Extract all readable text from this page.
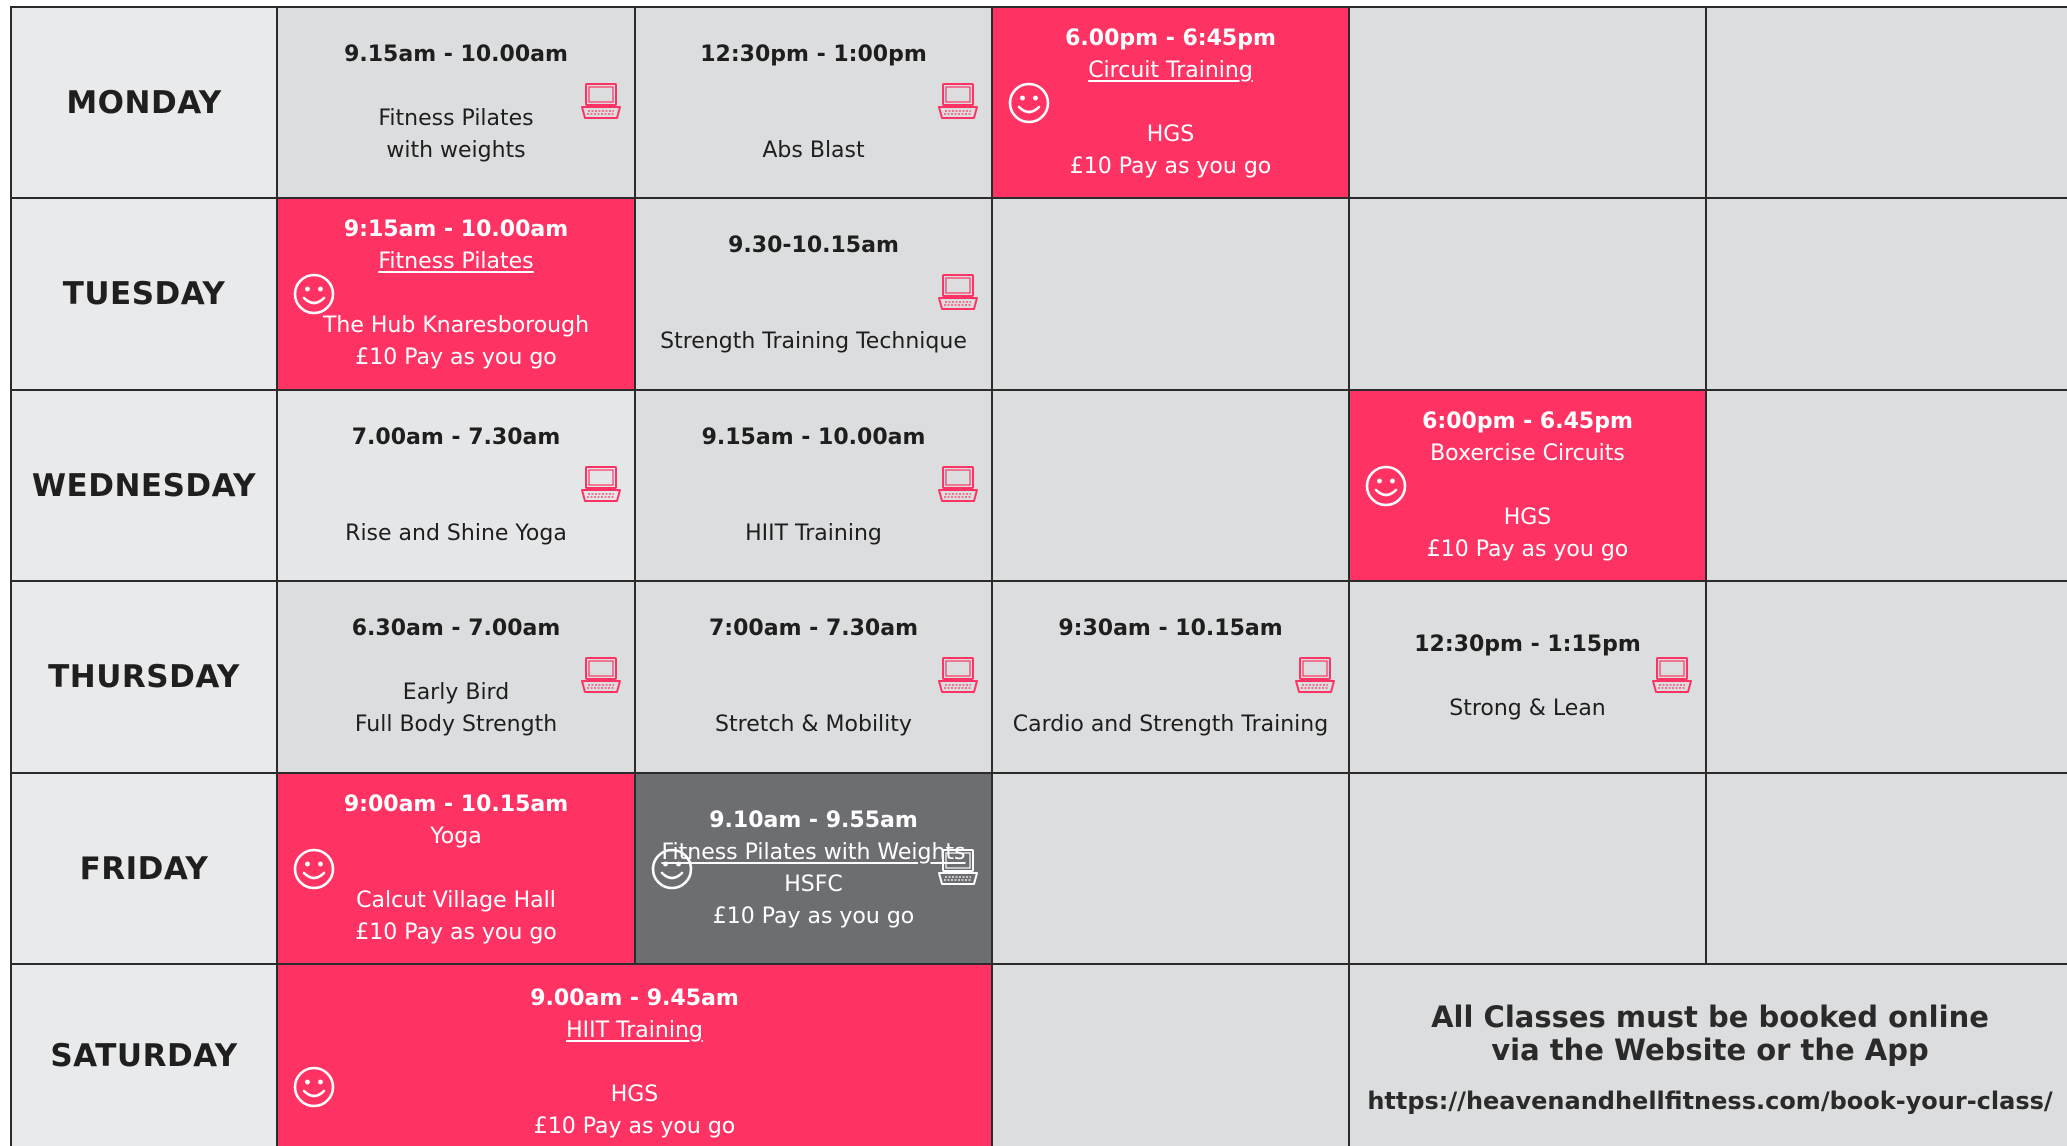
MONDAY
9.15am - 10.00am
Fitness Pilates
with weights
12:30pm - 1:00pm
Abs Blast
6.00pm - 6:45pm
Circuit Training
HGS
£10 Pay as you go
TUESDAY
9:15am - 10.00am
Fitness Pilates
The Hub Knaresborough
£10 Pay as you go
9.30-10.15am
Strength Training Technique
WEDNESDAY
7.00am - 7.30am
Rise and Shine Yoga
9.15am - 10.00am
HIIT Training
6:00pm - 6.45pm
Boxercise Circuits
HGS
£10 Pay as you go
THURSDAY
6.30am - 7.00am
Early Bird
Full Body Strength
7:00am - 7.30am
Stretch & Mobility
9:30am - 10.15am
Cardio and Strength Training
12:30pm - 1:15pm
Strong & Lean
FRIDAY
9:00am - 10.15am
Yoga
Calcut Village Hall
£10 Pay as you go
9.10am - 9.55am
Fitness Pilates with Weights
HSFC
£10 Pay as you go
SATURDAY
9.00am - 9.45am
HIIT Training
HGS
£10 Pay as you go
All Classes must be booked online
via the Website or the App
https://heavenandhellfitness.com/book-your-class/
